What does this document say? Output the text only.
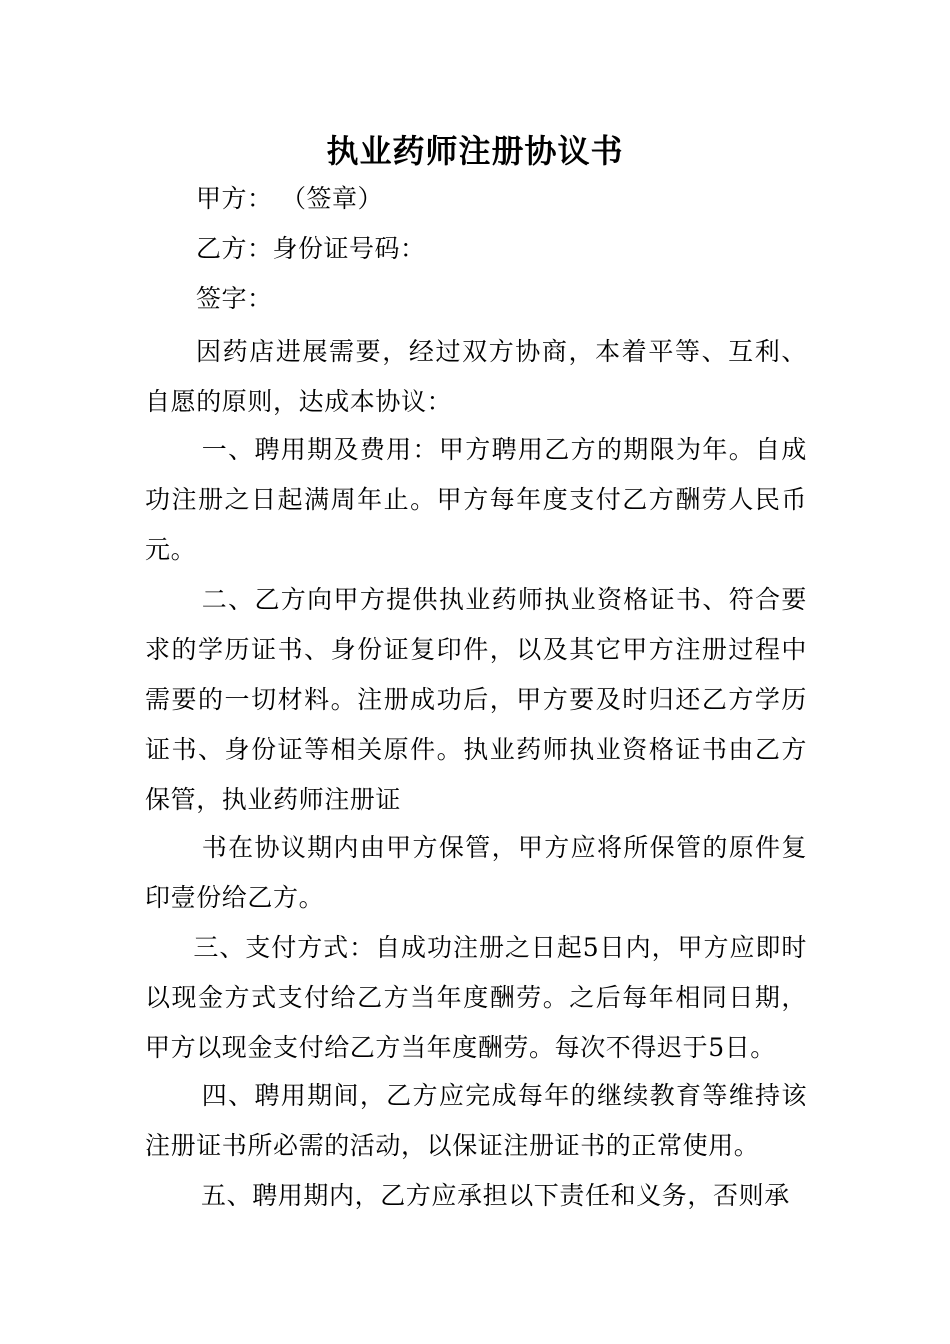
执业药师注册协议书
甲方： （签章）
乙方：身份证号码：
签字：
因药店进展需要，经过双方协商，本着平等、互利、自愿的原则，达成本协议：
一、聘用期及费用：甲方聘用乙方的期限为年。自成功注册之日起满周年止。甲方每年度支付乙方酬劳人民币元。
二、乙方向甲方提供执业药师执业资格证书、符合要求的学历证书、身份证复印件，以及其它甲方注册过程中需要的一切材料。注册成功后，甲方要及时归还乙方学历证书、身份证等相关原件。执业药师执业资格证书由乙方保管，执业药师注册证
书在协议期内由甲方保管，甲方应将所保管的原件复印壹份给乙方。
三、支付方式：自成功注册之日起5日内，甲方应即时以现金方式支付给乙方当年度酬劳。之后每年相同日期，甲方以现金支付给乙方当年度酬劳。每次不得迟于5日。
四、聘用期间，乙方应完成每年的继续教育等维持该注册证书所必需的活动，以保证注册证书的正常使用。
五、聘用期内，乙方应承担以下责任和义务，否则承
